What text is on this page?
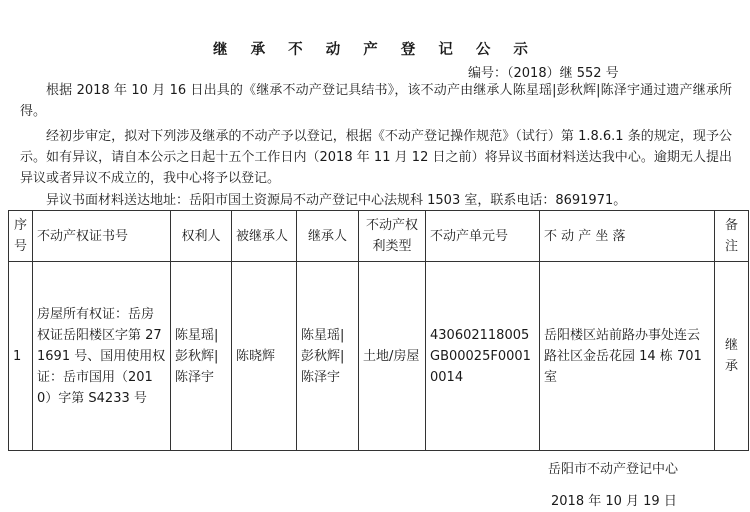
继 承 不 动 产 登 记 公 示
编号：（2018）继 552 号
根据 2018 年 10 月 16 日出具的《继承不动产登记具结书》，该不动产由继承人陈星瑶|彭秋辉|陈泽宇通过遗产继承所得。
经初步审定，拟对下列涉及继承的不动产予以登记，根据《不动产登记操作规范》（试行）第 1.8.6.1 条的规定，现予公示。如有异议，请自本公示之日起十五个工作日内（2018 年 11 月 12 日之前）将异议书面材料送达我中心。逾期无人提出异议或者异议不成立的，我中心将予以登记。
异议书面材料送达地址：岳阳市国土资源局不动产登记中心法规科 1503 室，联系电话：8691971。
序号	不动产权证书号	权利人	被继承人	继承人	不动产权利类型	不动产单元号	不 动 产 坐 落	备注
1	房屋所有权证：岳房权证岳阳楼区字第 271691 号、国用使用权证：岳市国用（2010）字第 S4233 号	陈星瑶|彭秋辉|陈泽宇	陈晓辉	陈星瑶|彭秋辉|陈泽宇	土地/房屋	430602118005GB00025F00010014	岳阳楼区站前路办事处连云路社区金岳花园 14 栋 701 室	继承
岳阳市不动产登记中心
2018 年 10 月 19 日
